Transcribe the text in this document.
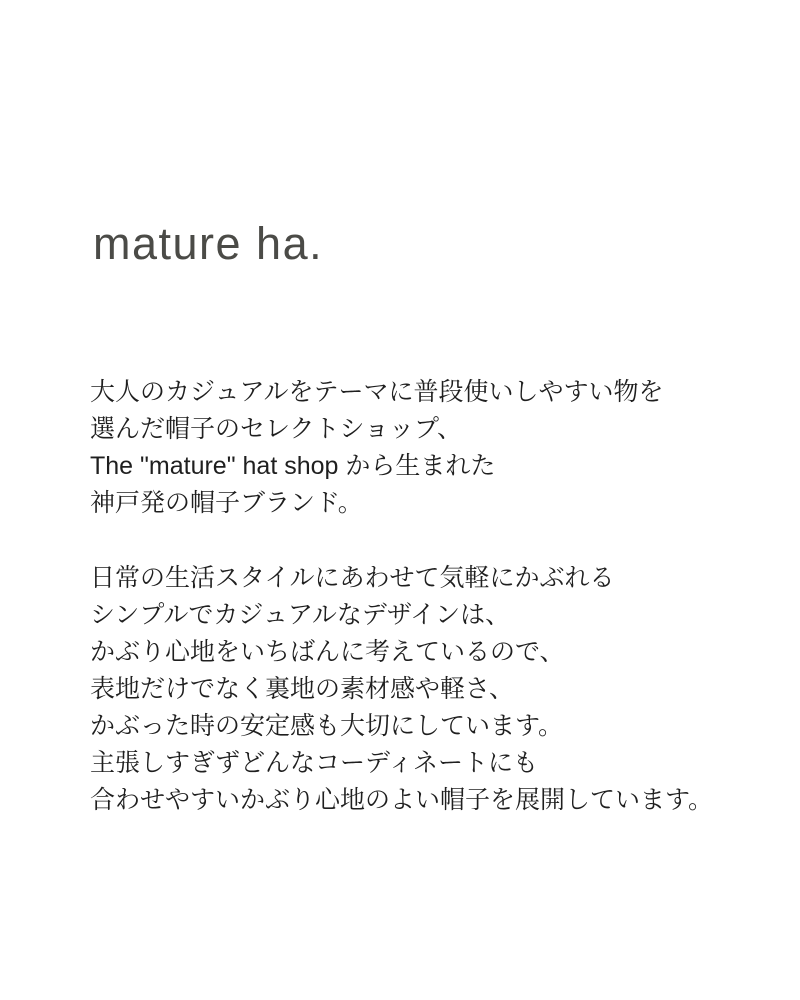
mature ha.
大人のカジュアルをテーマに普段使いしやすい物を
選んだ帽子のセレクトショップ、
The "mature" hat shop から生まれた
神戸発の帽子ブランド。
日常の生活スタイルにあわせて気軽にかぶれる
シンプルでカジュアルなデザインは、
かぶり心地をいちばんに考えているので、
表地だけでなく裏地の素材感や軽さ、
かぶった時の安定感も大切にしています。
主張しすぎずどんなコーディネートにも
合わせやすいかぶり心地のよい帽子を展開しています。
